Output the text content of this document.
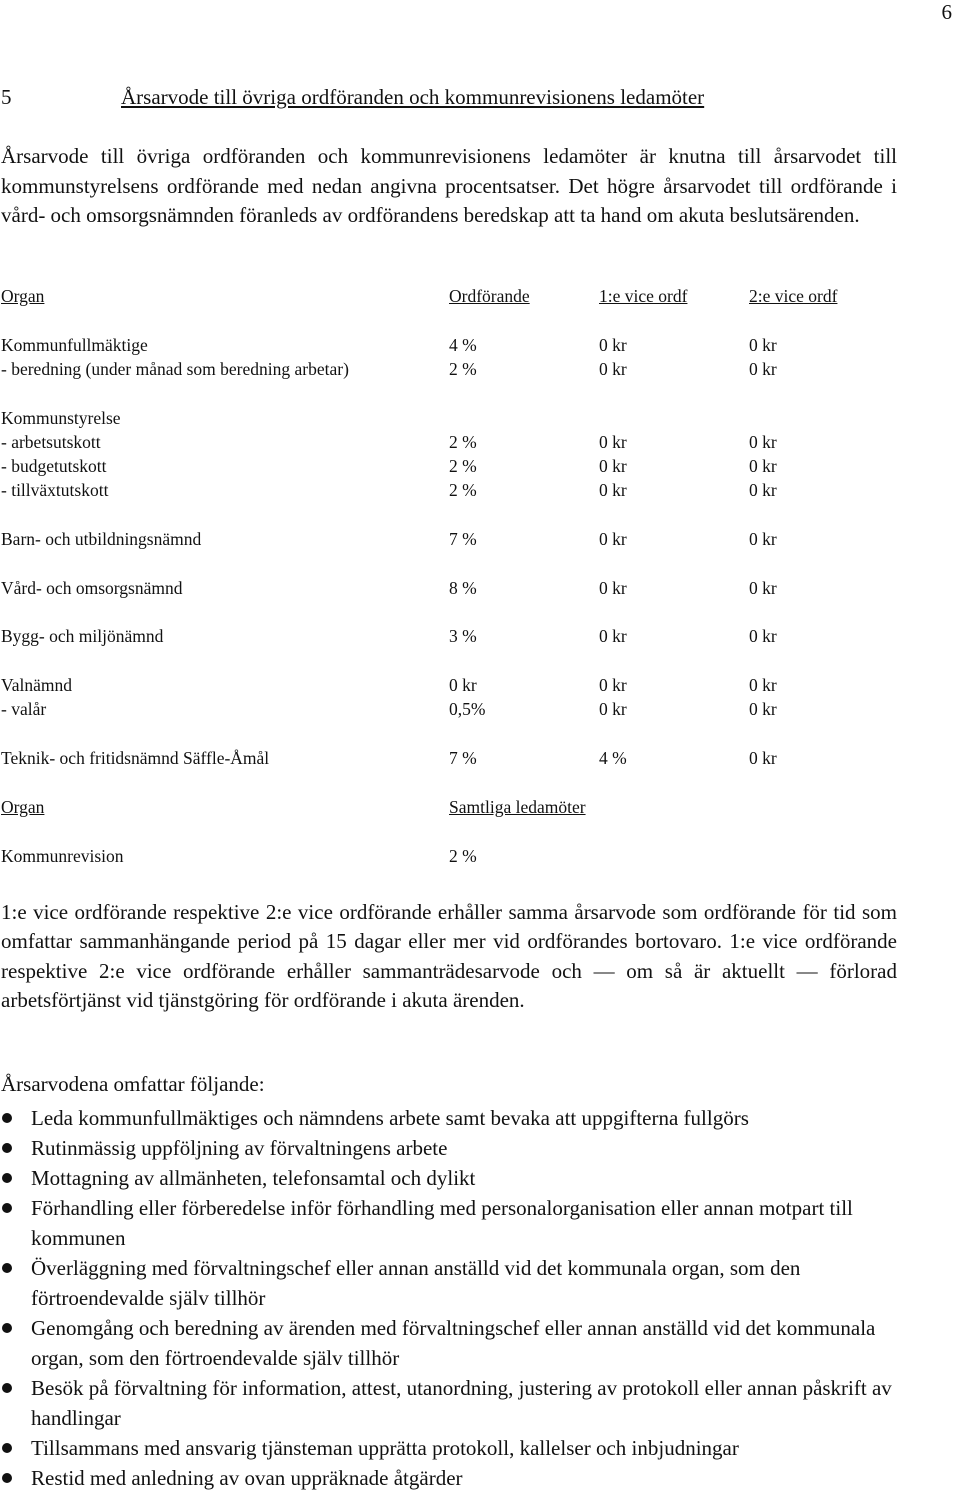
6
5	Årsarvode till övriga ordföranden och kommunrevisionens ledamöter
Årsarvode till övriga ordföranden och kommunrevisionens ledamöter är knutna till årsarvodet till kommunstyrelsens ordförande med nedan angivna procentsatser. Det högre årsarvodet till ordförande i vård- och omsorgsnämnden föranleds av ordförandens beredskap att ta hand om akuta beslutsärenden.
Organ	Ordförande	1:e vice ordf	2:e vice ordf
Kommunfullmäktige	4 %	0 kr	0 kr
- beredning (under månad som beredning arbetar)	2 %	0 kr	0 kr
Kommunstyrelse
- arbetsutskott	2 %	0 kr	0 kr
- budgetutskott	2 %	0 kr	0 kr
- tillväxtutskott	2 %	0 kr	0 kr
Barn- och utbildningsnämnd	7 %	0 kr	0 kr
Vård- och omsorgsnämnd	8 %	0 kr	0 kr
Bygg- och miljönämnd	3 %	0 kr	0 kr
Valnämnd	0 kr	0 kr	0 kr
- valår	0,5%	0 kr	0 kr
Teknik- och fritidsnämnd Säffle-Åmål	7 %	4 %	0 kr
Organ	Samtliga ledamöter
Kommunrevision	2 %
1:e vice ordförande respektive 2:e vice ordförande erhåller samma årsarvode som ordförande för tid som omfattar sammanhängande period på 15 dagar eller mer vid ordförandes bortovaro. 1:e vice ordförande respektive 2:e vice ordförande erhåller sammanträdesarvode och — om så är aktuellt — förlorad arbetsförtjänst vid tjänstgöring för ordförande i akuta ärenden.
Årsarvodena omfattar följande:
Leda kommunfullmäktiges och nämndens arbete samt bevaka att uppgifterna fullgörs
Rutinmässig uppföljning av förvaltningens arbete
Mottagning av allmänheten, telefonsamtal och dylikt
Förhandling eller förberedelse inför förhandling med personalorganisation eller annan motpart till kommunen
Överläggning med förvaltningschef eller annan anställd vid det kommunala organ, som den förtroendevalde själv tillhör
Genomgång och beredning av ärenden med förvaltningschef eller annan anställd vid det kommunala organ, som den förtroendevalde själv tillhör
Besök på förvaltning för information, attest, utanordning, justering av protokoll eller annan påskrift av handlingar
Tillsammans med ansvarig tjänsteman upprätta protokoll, kallelser och inbjudningar
Restid med anledning av ovan uppräknade åtgärder
